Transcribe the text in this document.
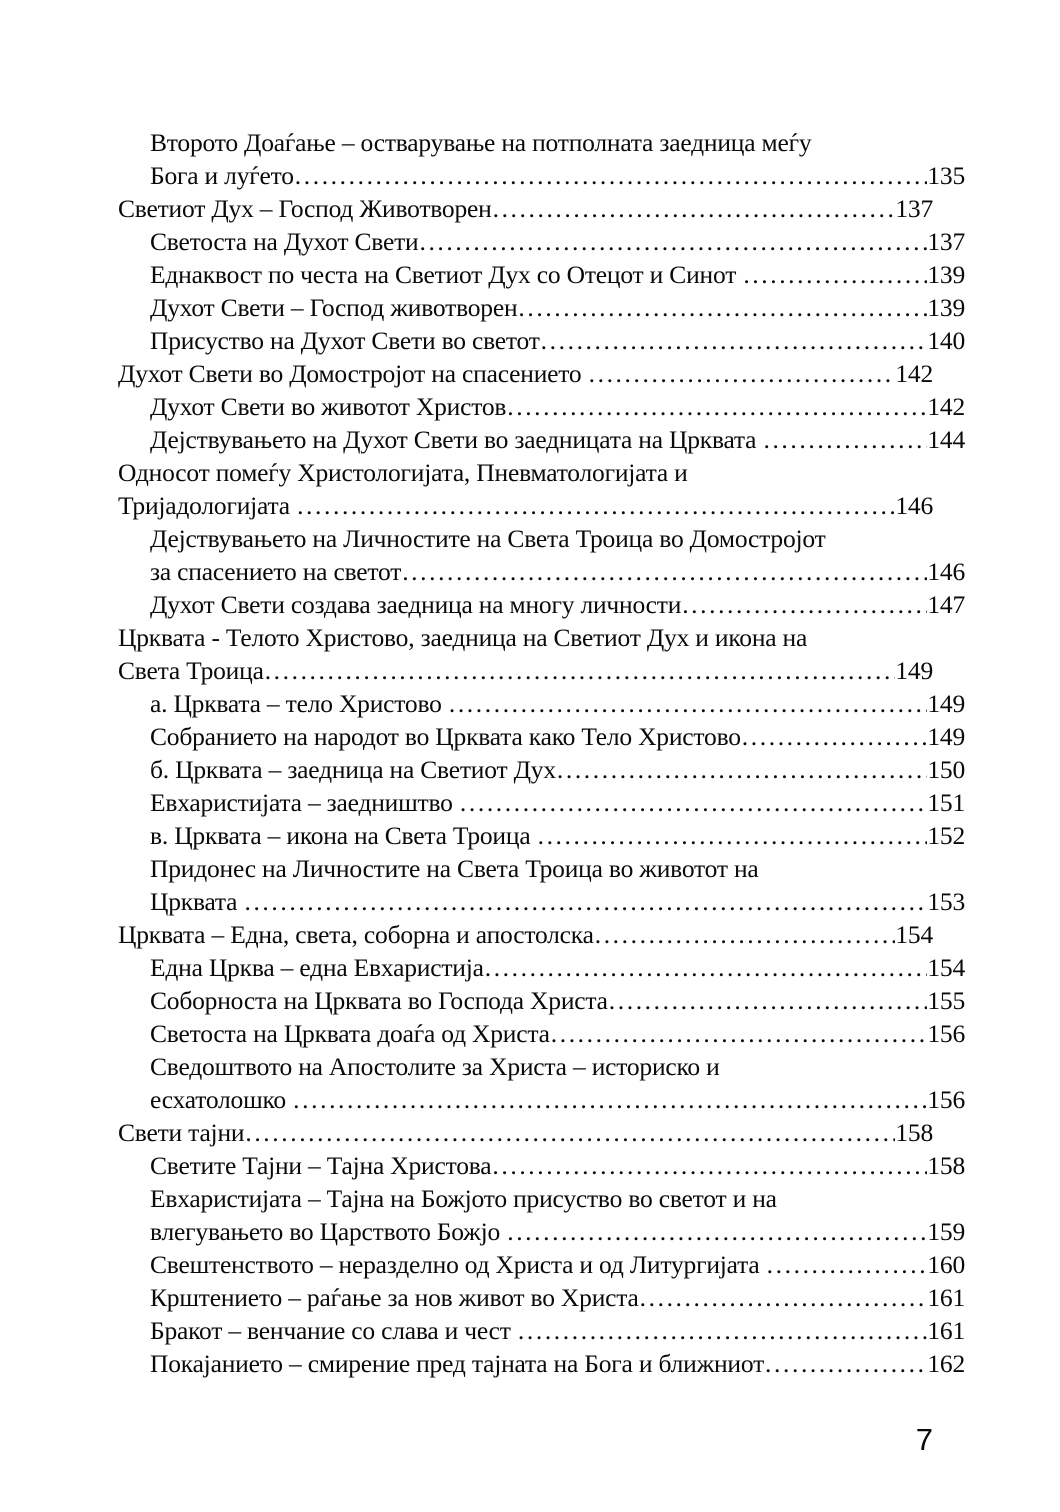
Второто Доаѓање – остварување на потполната заедница меѓу
Бога и луѓето .....	135
Светиот Дух – Господ Животворен .....	137
Светоста на Духот Свети .....	137
Еднаквост по честа на Светиот Дух со Отецот и Синот .....	139
Духот Свети – Господ животворен .....	139
Присуство на Духот Свети во светот .....	140
Духот Свети во Домостројот на спасението .....	142
Духот Свети во животот Христов .....	142
Дејствувањето на Духот Свети во заедницата на Црквата .....	144
Односот помеѓу Христологијата, Пневматологијата и
Тријадологијата .....	146
Дејствувањето на Личностите на Света Троица во Домостројот
за спасението на светот .....	146
Духот Свети создава заедница на многу личности .....	147
Црквата - Телото Христово, заедница на Светиот Дух и икона на
Света Троица .....	149
а. Црквата – тело Христово .....	149
Собранието на народот во Црквата како Тело Христово .....	149
б. Црквата – заедница на Светиот Дух .....	150
Евхаристијата – заедништво .....	151
в. Црквата – икона на Света Троица .....	152
Придонес на Личностите на Света Троица во животот на
Црквата .....	153
Црквата – Една, света, соборна и апостолска .....	154
Една Црква – една Евхаристија .....	154
Соборноста на Црквата во Господа Христа .....	155
Светоста на Црквата доаѓа од Христа .....	156
Сведоштвото на Апостолите за Христа – историско и
есхатолошко .....	156
Свети тајни .....	158
Светите Тајни – Тајна Христова .....	158
Евхаристијата – Тајна на Божјото присуство во светот и на
влегувањето во Царството Божјо .....	159
Свештенството – неразделно од Христа и од Литургијата .....	160
Крштението – раѓање за нов живот во Христа .....	161
Бракот – венчание со слава и чест .....	161
Покајанието – смирение пред тајната на Бога и ближниот .....	162
7
